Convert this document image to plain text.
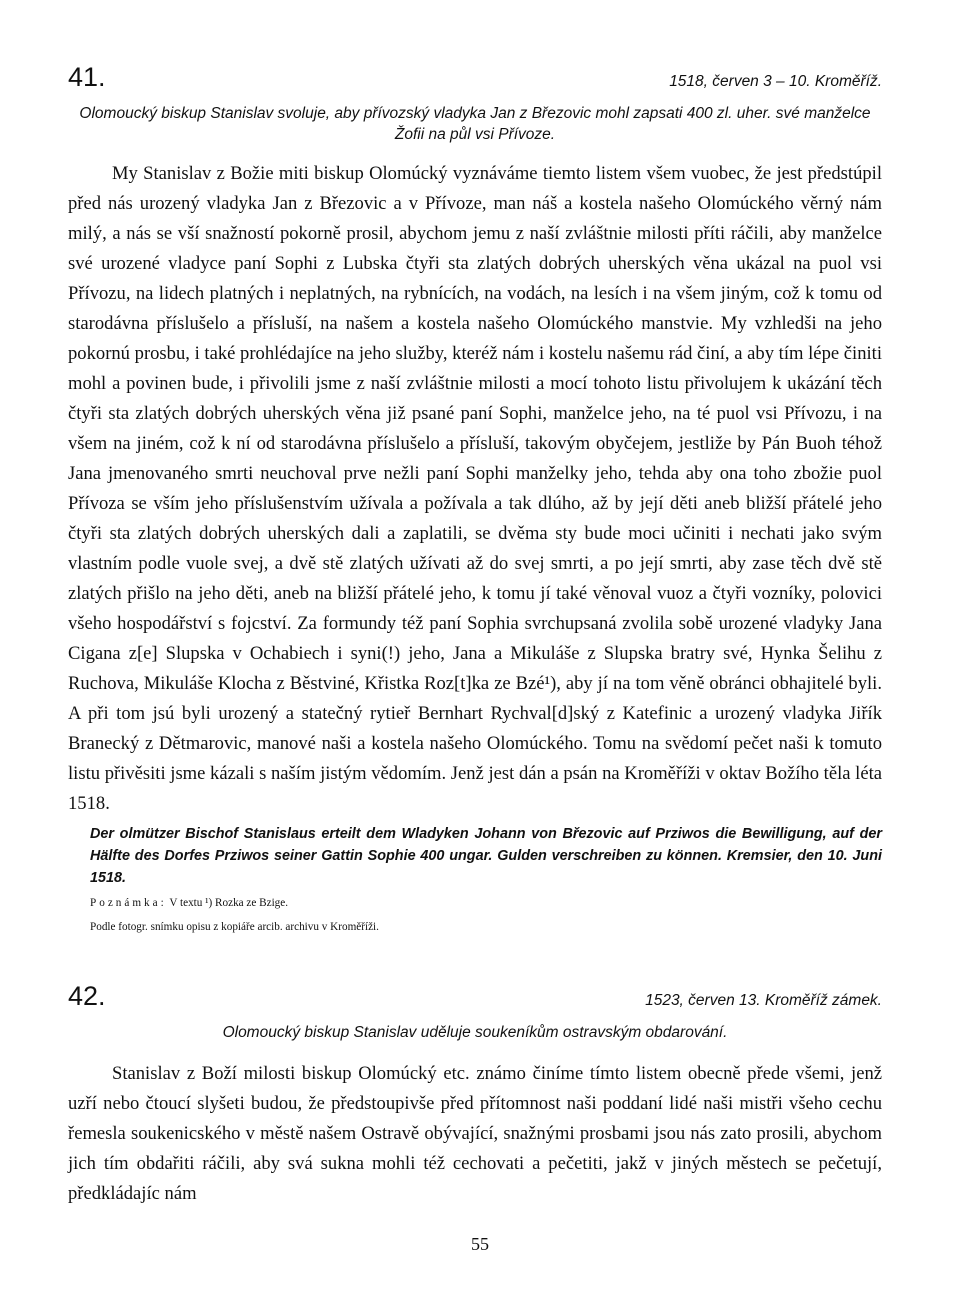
41.	1518, červen 3 – 10. Kroměříž.

Olomoucký biskup Stanislav svoluje, aby přívozský vladyka Jan z Březovic mohl zapsati 400 zl. uher. své manželce Žofii na půl vsi Přívoze.

My Stanislav z Božie miti biskup Olomúcký vyznáváme tiemto listem všem vuobec, že jest předstúpil před nás urozený vladyka Jan z Březovic a v Přívoze, man náš a kostela našeho Olomúckého věrný nám milý, a nás se vší snažností pokorně prosil, abychom jemu z naší zvláštnie milosti příti ráčili, aby manželce své urozené vladyce paní Sophi z Lubska čtyři sta zlatých dobrých uherských věna ukázal na puol vsi Přívozu, na lidech platných i neplatných, na rybnících, na vodách, na lesích i na všem jiným, což k tomu od starodávna příslušelo a přísluší, na našem a kostela našeho Olomúckého manstvie. My vzhledši na jeho pokornú prosbu, i také prohlédajíce na jeho služby, kteréž nám i kostelu našemu rád činí, a aby tím lépe činiti mohl a povinen bude, i přivolili jsme z naší zvláštnie milosti a mocí tohoto listu přivolujem k ukázání těch čtyři sta zlatých dobrých uherských věna již psané paní Sophi, manželce jeho, na té puol vsi Přívozu, i na všem na jiném, což k ní od starodávna příslušelo a přísluší, takovým obyčejem, jestliže by Pán Buoh téhož Jana jmenovaného smrti neuchoval prve nežli paní Sophi manželky jeho, tehda aby ona toho zbožie puol Přívoza se vším jeho příslušenstvím užívala a požívala a tak dlúho, až by její děti aneb bližší přátelé jeho čtyři sta zlatých dobrých uherských dali a zaplatili, se dvěma sty bude moci učiniti i nechati jako svým vlastním podle vuole svej, a dvě stě zlatých užívati až do svej smrti, a po její smrti, aby zase těch dvě stě zlatých přišlo na jeho děti, aneb na bližší přátelé jeho, k tomu jí také věnoval vuoz a čtyři vozníky, polovici všeho hospodářství s fojcství. Za formundy též paní Sophia svrchupsaná zvolila sobě urozené vladyky Jana Cigana z[e] Slupska v Ochabiech i syni(!) jeho, Jana a Mikuláše z Slupska bratry své, Hynka Šelihu z Ruchova, Mikuláše Klocha z Běstviné, Křistka Roz[t]ka ze Bzé¹), aby jí na tom věně obránci obhajitelé byli. A při tom jsú byli urozený a statečný rytieř Bernhart Rychval[d]ský z Katefinic a urozený vladyka Jiřík Branecký z Dětmarovic, manové naši a kostela našeho Olomúckého. Tomu na svědomí pečet naši k tomuto listu přivěsiti jsme kázali s naším jistým vědomím. Jenž jest dán a psán na Kroměříži v oktav Božího těla léta 1518.

Der olmützer Bischof Stanislaus erteilt dem Wladyken Johann von Březovic auf Prziwos die Bewilligung, auf der Hälfte des Dorfes Prziwos seiner Gattin Sophie 400 ungar. Gulden verschreiben zu können. Kremsier, den 10. Juni 1518.

Poznámka: V textu ¹) Rozka ze Bzige.
Podle fotogr. snímku opisu z kopiáře arcib. archivu v Kroměříži.
42.	1523, červen 13. Kroměříž zámek.

Olomoucký biskup Stanislav uděluje soukeníkům ostravským obdarování.

Stanislav z Boží milosti biskup Olomúcký etc. známo činíme tímto listem obecně přede všemi, jenž uzří nebo čtoucí slyšeti budou, že předstoupivše před přítomnost naši poddaní lidé naši mistři všeho cechu řemesla soukenicského v městě našem Ostravě obývající, snažnými prosbami jsou nás zato prosili, abychom jich tím obdařiti ráčili, aby svá sukna mohli též cechovati a pečetiti, jakž v jiných městech se pečetují, předkládajíc nám

55
